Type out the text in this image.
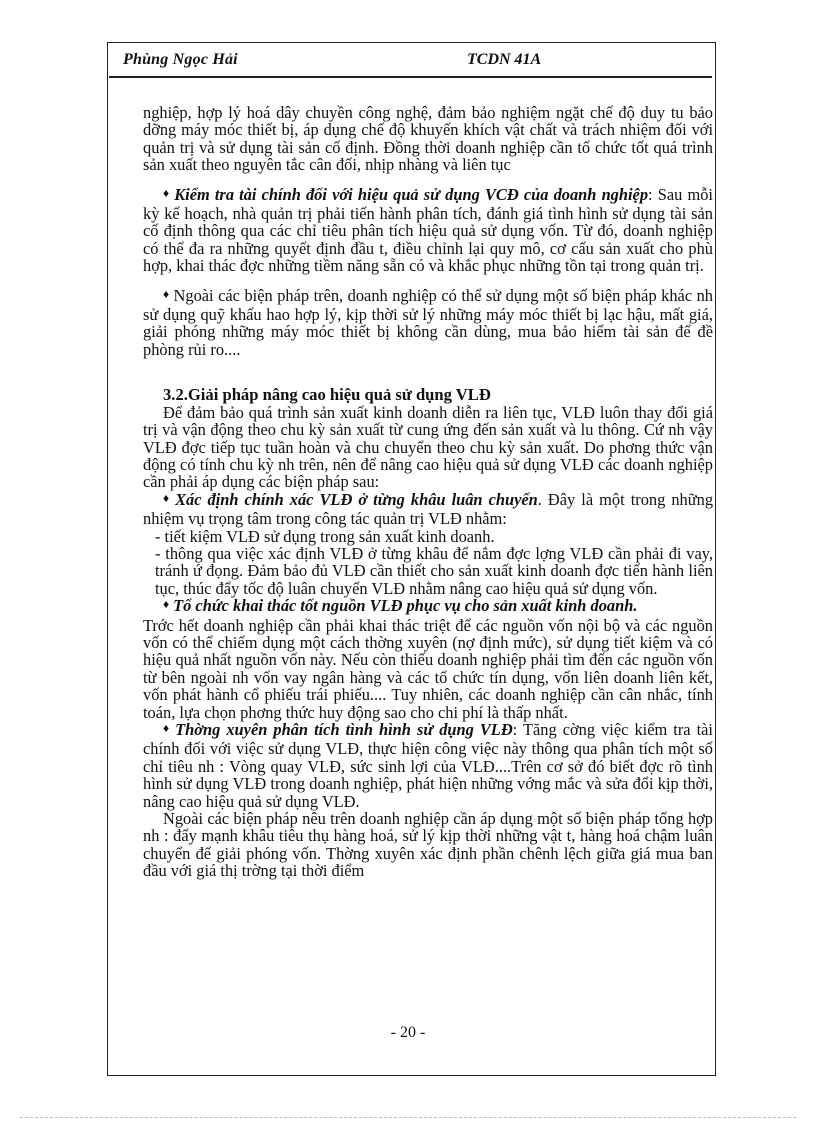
Phùng Ngọc Hải	TCDN 41A

nghiệp, hợp lý hoá dây chuyền công nghệ, đảm bảo nghiệm ngặt chế độ duy tu bảo dỡng máy móc thiết bị, áp dụng chế độ khuyến khích vật chất và trách nhiệm đối với quản trị và sử dụng tài sản cố định. Đồng thời doanh nghiệp cần tổ chức tốt quá trình sản xuất theo nguyên tắc cân đối, nhịp nhàng và liên tục

♦ Kiểm tra tài chính đối với hiệu quả sử dụng VCĐ của doanh nghiệp: Sau mỗi kỳ kế hoạch, nhà quản trị phải tiến hành phân tích, đánh giá tình hình sử dụng tài sản cố định thông qua các chỉ tiêu phân tích hiệu quả sử dụng vốn. Từ đó, doanh nghiệp có thể đa ra những quyết định đầu t, điều chỉnh lại quy mô, cơ cấu sản xuất cho phù hợp, khai thác đợc những tiềm năng sẵn có và khắc phục những tồn tại trong quản trị.

♦ Ngoài các biện pháp trên, doanh nghiệp có thể sử dụng một số biện pháp khác nh sử dụng quỹ khấu hao hợp lý, kịp thời sử lý những máy móc thiết bị lạc hậu, mất giá, giải phóng những máy móc thiết bị không cần dùng, mua bảo hiểm tài sản để đề phòng rủi ro....

3.2.Giải pháp nâng cao hiệu quả sử dụng VLĐ

Để đảm bảo quá trình sản xuất kinh doanh diễn ra liên tục, VLĐ luôn thay đổi giá trị và vận động theo chu kỳ sản xuất từ cung ứng đến sản xuất và lu thông. Cứ nh vậy VLĐ đợc tiếp tục tuần hoàn và chu chuyển theo chu kỳ sản xuất. Do phơng thức vận động có tính chu kỳ nh trên, nên để nâng cao hiệu quả sử dụng VLĐ các doanh nghiệp cần phải áp dụng các biện pháp sau:

♦ Xác định chính xác VLĐ ở từng khâu luân chuyển. Đây là một trong những nhiệm vụ trọng tâm trong công tác quản trị VLĐ nhằm:

- tiết kiệm VLĐ sử dụng trong sản xuất kinh doanh.

- thông qua việc xác định VLĐ ở từng khâu để nắm đợc lợng VLĐ cần phải đi vay, tránh ứ đọng. Đảm bảo đủ VLĐ cần thiết cho sản xuất kinh doanh đợc tiến hành liên tục, thúc đẩy tốc độ luân chuyển VLĐ nhằm nâng cao hiệu quả sử dụng vốn.

♦ Tổ chức khai thác tốt nguồn VLĐ phục vụ cho sản xuất kinh doanh.

Trớc hết doanh nghiệp cần phải khai thác triệt để các nguồn vốn nội bộ và các nguồn vốn có thể chiếm dụng một cách thờng xuyên (nợ định mức), sử dụng tiết kiệm và có hiệu quả nhất nguồn vốn này. Nếu còn thiếu doanh nghiệp phải tìm đến các nguồn vốn từ bên ngoài nh vốn vay ngân hàng và các tổ chức tín dụng, vốn liên doanh liên kết, vốn phát hành cổ phiếu trái phiếu.... Tuy nhiên, các doanh nghiệp cần cân nhắc, tính toán, lựa chọn phơng thức huy động sao cho chi phí là thấp nhất.

♦ Thờng xuyên phân tích tình hình sử dụng VLĐ: Tăng cờng việc kiểm tra tài chính đối với việc sử dụng VLĐ, thực hiện công việc này thông qua phân tích một số chỉ tiêu nh : Vòng quay VLĐ, sức sinh lợi của VLĐ....Trên cơ sở đó biết đợc rõ tình hình sử dụng VLĐ trong doanh nghiệp, phát hiện những vớng mắc và sửa đổi kịp thời, nâng cao hiệu quả sử dụng VLĐ.

Ngoài các biện pháp nêu trên doanh nghiệp cần áp dụng một số biện pháp tổng hợp nh : đẩy mạnh khâu tiêu thụ hàng hoá, sử lý kịp thời những vật t, hàng hoá chậm luân chuyển để giải phóng vốn. Thờng xuyên xác định phần chênh lệch giữa giá mua ban đầu với giá thị trờng tại thời điểm

- 20 -
